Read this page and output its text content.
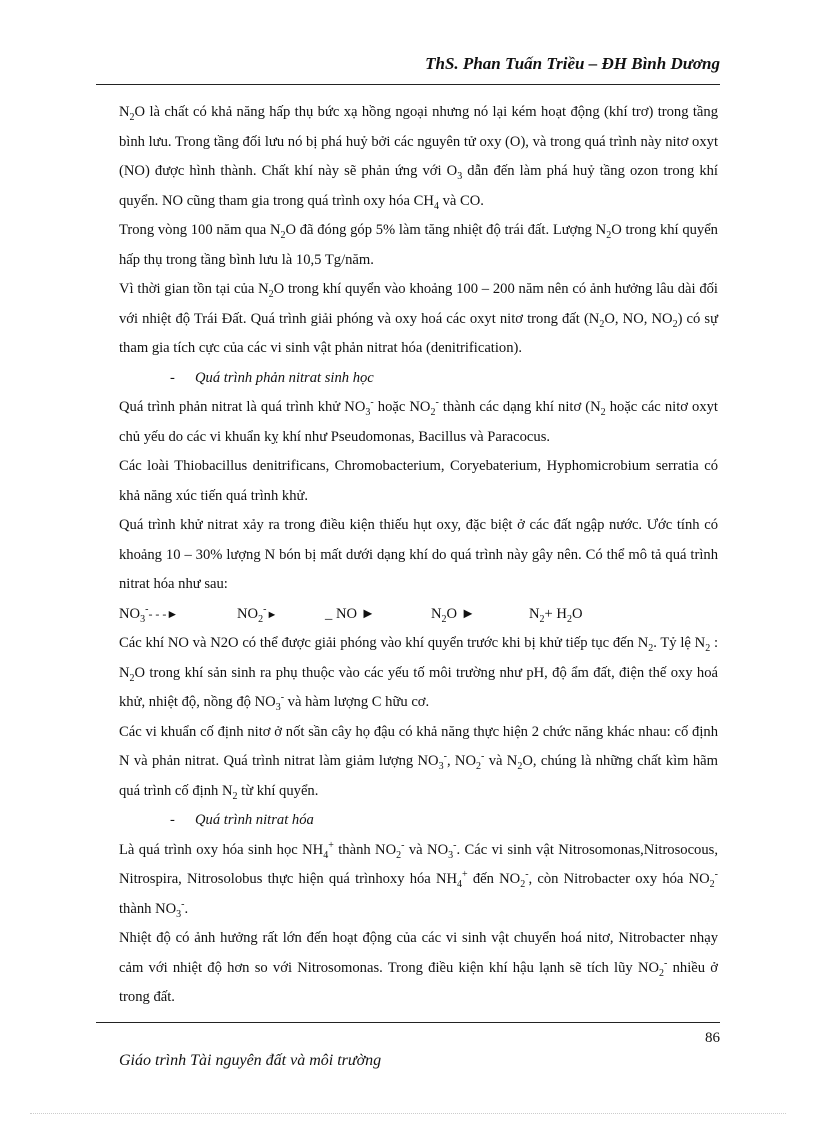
ThS. Phan Tuấn Triều – ĐH Bình Dương

$N_2O$ là chất có khả năng hấp thụ bức xạ hồng ngoại nhưng nó lại kém hoạt động (khí trơ) trong tầng bình lưu. Trong tầng đối lưu nó bị phá huỷ bởi các nguyên tử oxy (O), và trong quá trình này nitơ oxyt (NO) được hình thành. Chất khí này sẽ phản ứng với $O_3$ dẫn đến làm phá huỷ tầng ozon trong khí quyển. NO cũng tham gia trong quá trình oxy hóa $CH_4$ và CO.

Trong vòng 100 năm qua $N_2O$ đã đóng góp 5% làm tăng nhiệt độ trái đất. Lượng $N_2O$ trong khí quyển hấp thụ trong tầng bình lưu là 10,5 Tg/năm.

Vì thời gian tồn tại của $N_2O$ trong khí quyển vào khoảng 100 – 200 năm nên có ảnh hưởng lâu dài đối với nhiệt độ Trái Đất. Quá trình giải phóng và oxy hoá các oxyt nitơ trong đất ($N_2O$, NO, $NO_2$) có sự tham gia tích cực của các vi sinh vật phản nitrat hóa (denitrification).

- Quá trình phản nitrat sinh học

Quá trình phản nitrat là quá trình khử $NO_3^-$ hoặc $NO_2^-$ thành các dạng khí nitơ ($N_2$ hoặc các nitơ oxyt chủ yếu do các vi khuẩn kỵ khí như Pseudomonas, Bacillus và Paracocus.

Các loài Thiobacillus denitrificans, Chromobacterium, Coryebaterium, Hyphomicrobium serratia có khả năng xúc tiến quá trình khử.

Quá trình khử nitrat xảy ra trong điều kiện thiếu hụt oxy, đặc biệt ở các đất ngập nước. Ước tính có khoảng 10 – 30% lượng N bón bị mất dưới dạng khí do quá trình này gây nên. Có thể mô tả quá trình nitrat hóa như sau:

$NO_3^--$ - -►	$NO_2^-►$	_ NO ►	$N_2O$ ►	$N_2+ H_2O$

Các khí NO và N2O có thể được giải phóng vào khí quyển trước khi bị khử tiếp tục đến $N_2$. Tỷ lệ $N_2$ : $N_2O$ trong khí sản sinh ra phụ thuộc vào các yếu tố môi trường như pH, độ ẩm đất, điện thế oxy hoá khử, nhiệt độ, nồng độ $NO_3^-$ và hàm lượng C hữu cơ.

Các vi khuẩn cố định nitơ ở nốt sần cây họ đậu có khả năng thực hiện 2 chức năng khác nhau: cố định N và phản nitrat. Quá trình nitrat làm giảm lượng $NO_3^-$, $NO_2^-$ và $N_2O$, chúng là những chất kìm hãm quá trình cố định $N_2$ từ khí quyển.

- Quá trình nitrat hóa

Là quá trình oxy hóa sinh học $NH_4^+$ thành $NO_2^-$ và $NO_3^-$. Các vi sinh vật Nitrosomonas,Nitrosocous, Nitrospira, Nitrosolobus thực hiện quá trìnhoxy hóa $NH_4^+$ đến $NO_2^-$, còn Nitrobacter oxy hóa $NO_2^-$ thành $NO_3^-$.

Nhiệt độ có ảnh hưởng rất lớn đến hoạt động của các vi sinh vật chuyển hoá nitơ, Nitrobacter nhạy cảm với nhiệt độ hơn so với Nitrosomonas. Trong điều kiện khí hậu lạnh sẽ tích lũy $NO_2^-$ nhiều ở trong đất.

86
Giáo trình Tài nguyên đất và môi trường
